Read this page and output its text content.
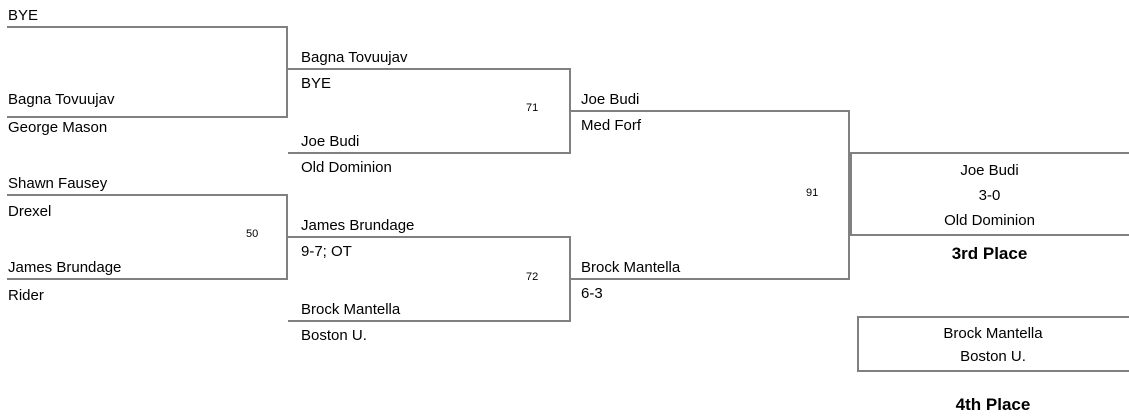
BYE
Bagna Tovuujav
George Mason
Shawn Fausey
Drexel
50
James Brundage
Rider
Bagna Tovuujav
BYE
71
Joe Budi
Old Dominion
James Brundage
9-7; OT
72
Brock Mantella
Boston U.
Joe Budi
Med Forf
91
Brock Mantella
6-3
Joe Budi
3-0
Old Dominion
3rd Place
Brock Mantella
Boston U.
4th Place
